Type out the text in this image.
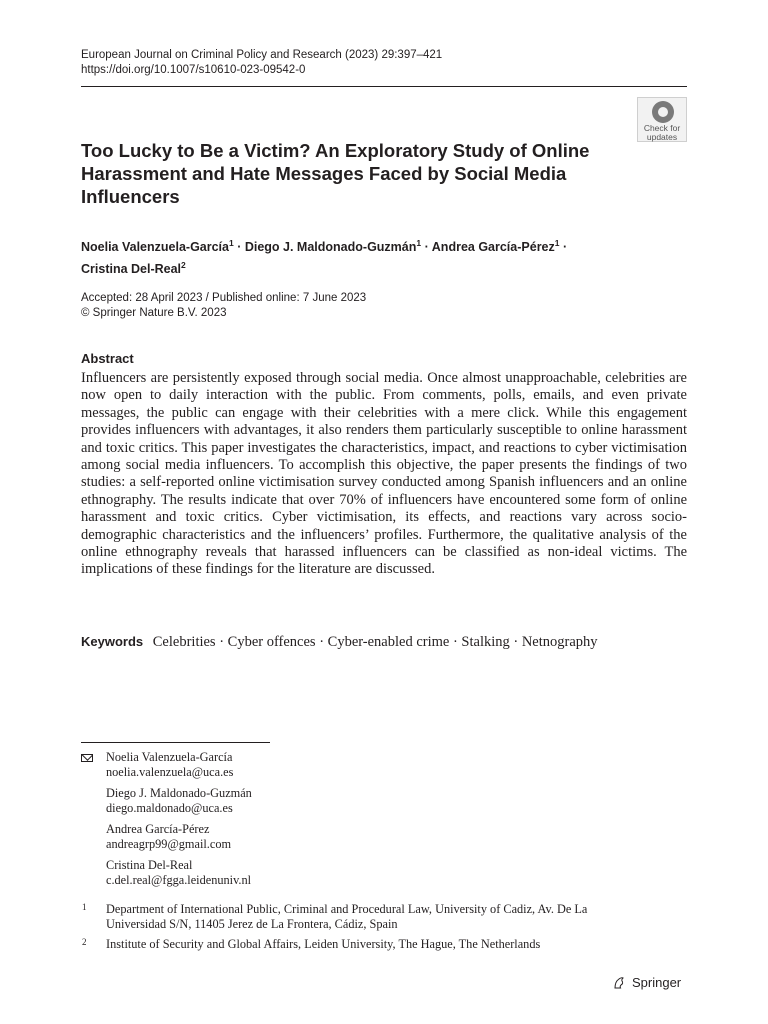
European Journal on Criminal Policy and Research (2023) 29:397–421
https://doi.org/10.1007/s10610-023-09542-0
Check for
updates
Too Lucky to Be a Victim? An Exploratory Study of Online
Harassment and Hate Messages Faced by Social Media
Influencers
Noelia Valenzuela-García$^1$ · Diego J. Maldonado-Guzmán$^1$ · Andrea García-Pérez$^1$ ·
Cristina Del-Real$^2$
Accepted: 28 April 2023 / Published online: 7 June 2023
© Springer Nature B.V. 2023
Abstract

Influencers are persistently exposed through social media. Once almost unapproachable, celebrities are now open to daily interaction with the public. From comments, polls, emails, and even private messages, the public can engage with their celebrities with a mere click. While this engagement provides influencers with advantages, it also renders them particularly susceptible to online harassment and toxic critics. This paper investigates the characteristics, impact, and reactions to cyber victimisation among social media influencers. To accomplish this objective, the paper presents the findings of two studies: a self-reported online victimisation survey conducted among Spanish influencers and an online ethnography. The results indicate that over 70% of influencers have encountered some form of online harassment and toxic critics. Cyber victimisation, its effects, and reactions vary across socio-demographic characteristics and the influencers’ profiles. Furthermore, the qualitative analysis of the online ethnography reveals that harassed influencers can be classified as non-ideal victims. The implications of these findings for the literature are discussed.

Keywords Celebrities · Cyber offences · Cyber-enabled crime · Stalking · Netnography
Noelia Valenzuela-García
noelia.valenzuela@uca.es
Diego J. Maldonado-Guzmán
diego.maldonado@uca.es
Andrea García-Pérez
andreagrp99@gmail.com
Cristina Del-Real
c.del.real@fgga.leidenuniv.nl
1 Department of International Public, Criminal and Procedural Law, University of Cadiz, Av. De La
Universidad S/N, 11405 Jerez de La Frontera, Cádiz, Spain
2 Institute of Security and Global Affairs, Leiden University, The Hague, The Netherlands
Springer
